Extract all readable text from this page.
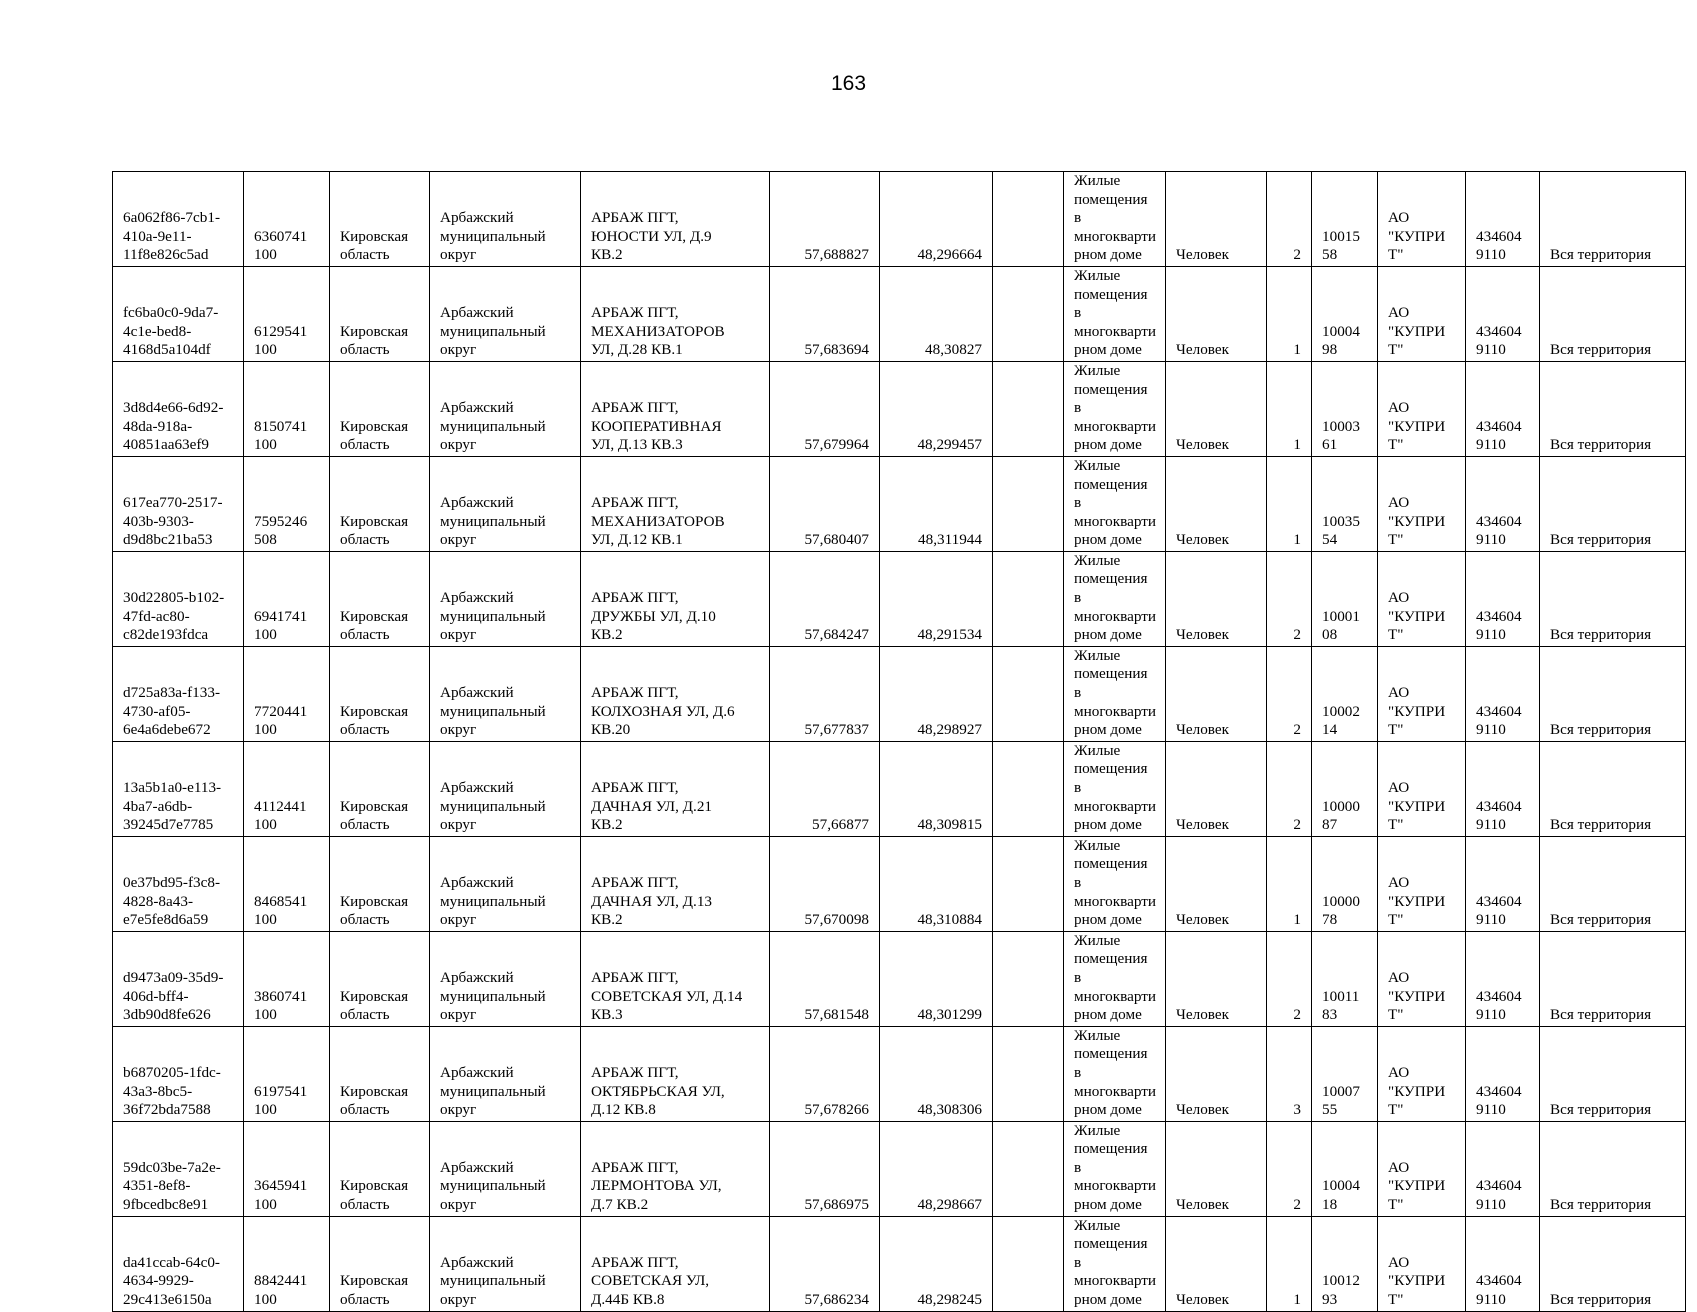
163
6a062f86-7cb1-
410a-9e11-
11f8e826c5ad	6360741
100	Кировская
область	Арбажский
муниципальный
округ	АРБАЖ ПГТ,
ЮНОСТИ УЛ, Д.9
КВ.2	57,688827	48,296664		Жилые
помещения в
многокварти
рном доме	Человек	2	10015
58	АО
"КУПРИ
Т"	434604
9110	Вся территория
fc6ba0c0-9da7-
4c1e-bed8-
4168d5a104df	6129541
100	Кировская
область	Арбажский
муниципальный
округ	АРБАЖ ПГТ,
МЕХАНИЗАТОРОВ
УЛ, Д.28 КВ.1	57,683694	48,30827		Жилые
помещения в
многокварти
рном доме	Человек	1	10004
98	АО
"КУПРИ
Т"	434604
9110	Вся территория
3d8d4e66-6d92-
48da-918a-
40851aa63ef9	8150741
100	Кировская
область	Арбажский
муниципальный
округ	АРБАЖ ПГТ,
КООПЕРАТИВНАЯ
УЛ, Д.13 КВ.3	57,679964	48,299457		Жилые
помещения в
многокварти
рном доме	Человек	1	10003
61	АО
"КУПРИ
Т"	434604
9110	Вся территория
617ea770-2517-
403b-9303-
d9d8bc21ba53	7595246
508	Кировская
область	Арбажский
муниципальный
округ	АРБАЖ ПГТ,
МЕХАНИЗАТОРОВ
УЛ, Д.12 КВ.1	57,680407	48,311944		Жилые
помещения в
многокварти
рном доме	Человек	1	10035
54	АО
"КУПРИ
Т"	434604
9110	Вся территория
30d22805-b102-
47fd-ac80-
c82de193fdca	6941741
100	Кировская
область	Арбажский
муниципальный
округ	АРБАЖ ПГТ,
ДРУЖБЫ УЛ, Д.10
КВ.2	57,684247	48,291534		Жилые
помещения в
многокварти
рном доме	Человек	2	10001
08	АО
"КУПРИ
Т"	434604
9110	Вся территория
d725a83a-f133-
4730-af05-
6e4a6debe672	7720441
100	Кировская
область	Арбажский
муниципальный
округ	АРБАЖ ПГТ,
КОЛХОЗНАЯ УЛ, Д.6
КВ.20	57,677837	48,298927		Жилые
помещения в
многокварти
рном доме	Человек	2	10002
14	АО
"КУПРИ
Т"	434604
9110	Вся территория
13a5b1a0-e113-
4ba7-a6db-
39245d7e7785	4112441
100	Кировская
область	Арбажский
муниципальный
округ	АРБАЖ ПГТ,
ДАЧНАЯ УЛ, Д.21
КВ.2	57,66877	48,309815		Жилые
помещения в
многокварти
рном доме	Человек	2	10000
87	АО
"КУПРИ
Т"	434604
9110	Вся территория
0e37bd95-f3c8-
4828-8a43-
e7e5fe8d6a59	8468541
100	Кировская
область	Арбажский
муниципальный
округ	АРБАЖ ПГТ,
ДАЧНАЯ УЛ, Д.13
КВ.2	57,670098	48,310884		Жилые
помещения в
многокварти
рном доме	Человек	1	10000
78	АО
"КУПРИ
Т"	434604
9110	Вся территория
d9473a09-35d9-
406d-bff4-
3db90d8fe626	3860741
100	Кировская
область	Арбажский
муниципальный
округ	АРБАЖ ПГТ,
СОВЕТСКАЯ УЛ, Д.14
КВ.3	57,681548	48,301299		Жилые
помещения в
многокварти
рном доме	Человек	2	10011
83	АО
"КУПРИ
Т"	434604
9110	Вся территория
b6870205-1fdc-
43a3-8bc5-
36f72bda7588	6197541
100	Кировская
область	Арбажский
муниципальный
округ	АРБАЖ ПГТ,
ОКТЯБРЬСКАЯ УЛ,
Д.12 КВ.8	57,678266	48,308306		Жилые
помещения в
многокварти
рном доме	Человек	3	10007
55	АО
"КУПРИ
Т"	434604
9110	Вся территория
59dc03be-7a2e-
4351-8ef8-
9fbcedbc8e91	3645941
100	Кировская
область	Арбажский
муниципальный
округ	АРБАЖ ПГТ,
ЛЕРМОНТОВА УЛ,
Д.7 КВ.2	57,686975	48,298667		Жилые
помещения в
многокварти
рном доме	Человек	2	10004
18	АО
"КУПРИ
Т"	434604
9110	Вся территория
da41ccab-64c0-
4634-9929-
29c413e6150a	8842441
100	Кировская
область	Арбажский
муниципальный
округ	АРБАЖ ПГТ,
СОВЕТСКАЯ УЛ,
Д.44Б КВ.8	57,686234	48,298245		Жилые
помещения в
многокварти
рном доме	Человек	1	10012
93	АО
"КУПРИ
Т"	434604
9110	Вся территория
